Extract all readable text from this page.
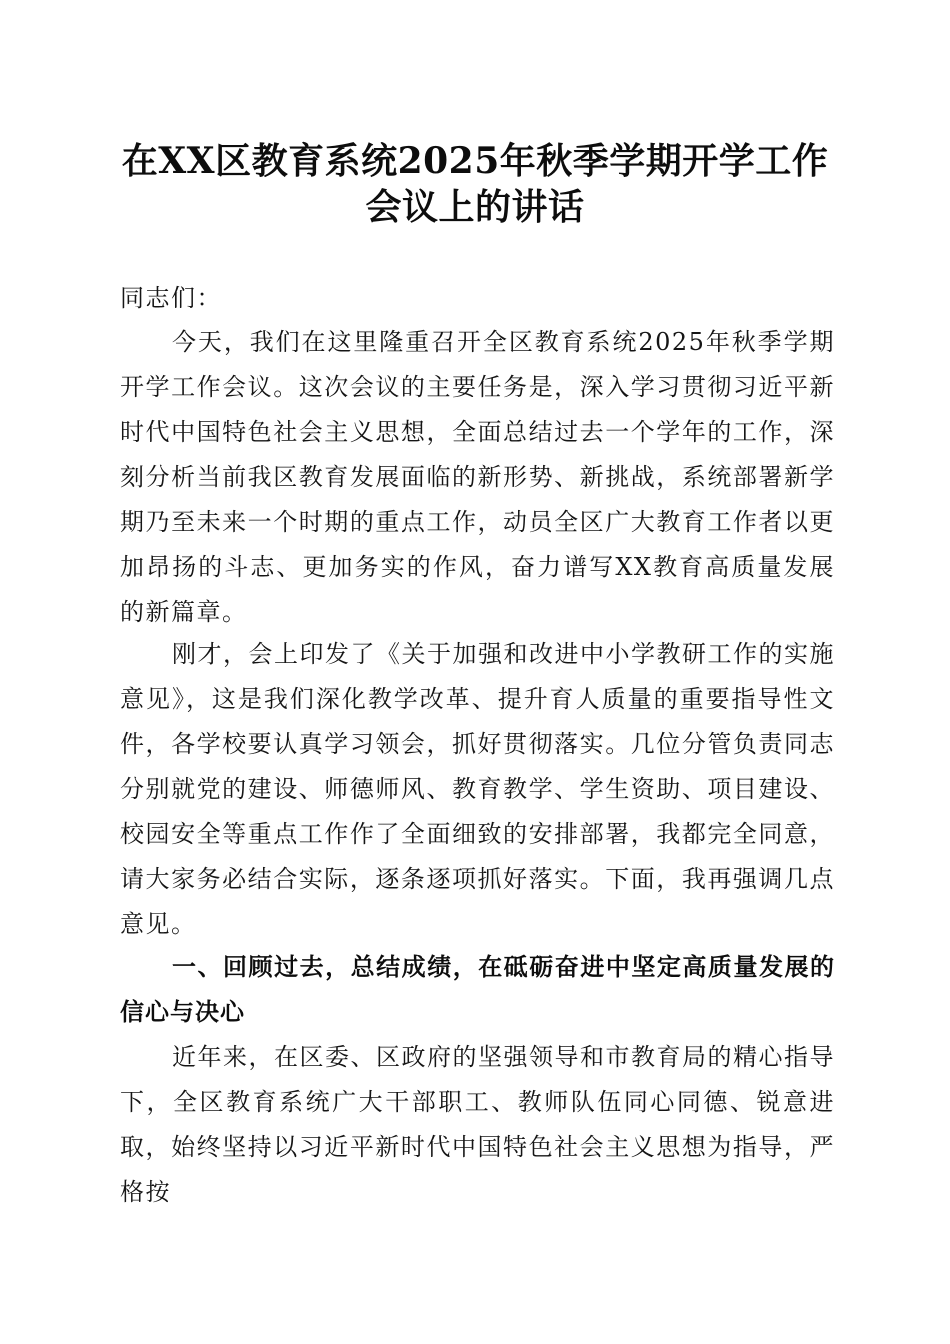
在XX区教育系统2025年秋季学期开学工作
会议上的讲话
同志们：

今天，我们在这里隆重召开全区教育系统2025年秋季学期开学工作会议。这次会议的主要任务是，深入学习贯彻习近平新时代中国特色社会主义思想，全面总结过去一个学年的工作，深刻分析当前我区教育发展面临的新形势、新挑战，系统部署新学期乃至未来一个时期的重点工作，动员全区广大教育工作者以更加昂扬的斗志、更加务实的作风，奋力谱写XX教育高质量发展的新篇章。

刚才，会上印发了《关于加强和改进中小学教研工作的实施意见》，这是我们深化教学改革、提升育人质量的重要指导性文件，各学校要认真学习领会，抓好贯彻落实。几位分管负责同志分别就党的建设、师德师风、教育教学、学生资助、项目建设、校园安全等重点工作作了全面细致的安排部署，我都完全同意，请大家务必结合实际，逐条逐项抓好落实。下面，我再强调几点意见。

一、回顾过去，总结成绩，在砥砺奋进中坚定高质量发展的信心与决心

近年来，在区委、区政府的坚强领导和市教育局的精心指导下，全区教育系统广大干部职工、教师队伍同心同德、锐意进取，始终坚持以习近平新时代中国特色社会主义思想为指导，严格按
